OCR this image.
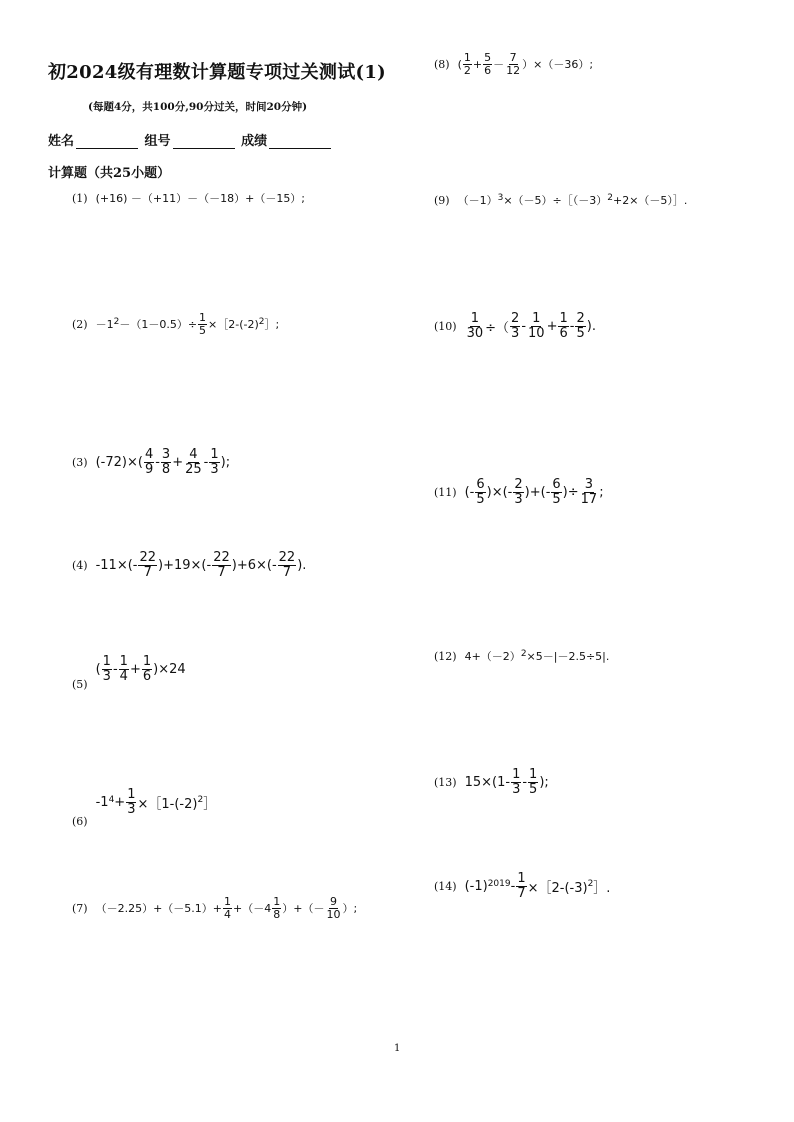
初2024级有理数计算题专项过关测试(1)
(每题4分，共100分,90分过关，时间20分钟)
姓名	组号	成绩
计算题（共25小题）
(1) (+16) －（+11）－（－18）+（－15）;
$(2) -1^2 -(1-0.5)\div \frac{1}{5}$ $\times[2-(-2)^2$ ］;
(3) $(-72)\times( \frac{4}{9} - \frac{3}{8} + \frac{4}{25} - \frac{1}{3}$ );
(4) $-11\times(- \frac{22}{7} )+19\times(- \frac{22}{7} )+6\times(- \frac{22}{7}$ ).
(5)
( $\frac{1}{3} - \frac{1}{4} + \frac{1}{6} )\times 24$
(6)
$-1^4 + \frac{1}{3}$ $\times[1-(-2)^2$ ］
(7) $(-2.25)+(-5.1)+ \frac{1}{4} +(-4 \frac{1}{8}$ ）+（－ $\frac{9}{10}$ ）;
(8) ( $\frac{1}{2} + \frac{5}{6} - \frac{7}{12} )\times(-36)$;
(9) $(-1)^3$ $\times(-5)\div[(-3)^2$ +2×（－5）］.
$(10) \frac{1}{30}$ ÷（ $\frac{2}{3} - \frac{1}{10} + \frac{1}{6} - \frac{2}{5}$ ).
(11) (- $\frac{6}{5}$ )×(- $\frac{2}{3}$ )+(- $\frac{6}{5}$ )÷ $\frac{3}{17}$ ;
(12) $4+(-2)^2 \times 5-|-2.5\div 5|$.
(13) $15\times(1- \frac{1}{3} - \frac{1}{5}$ );
(14) $(-1)^{2019} - \frac{1}{7}$ $\times[2-(-3)^2$ ］.
1
